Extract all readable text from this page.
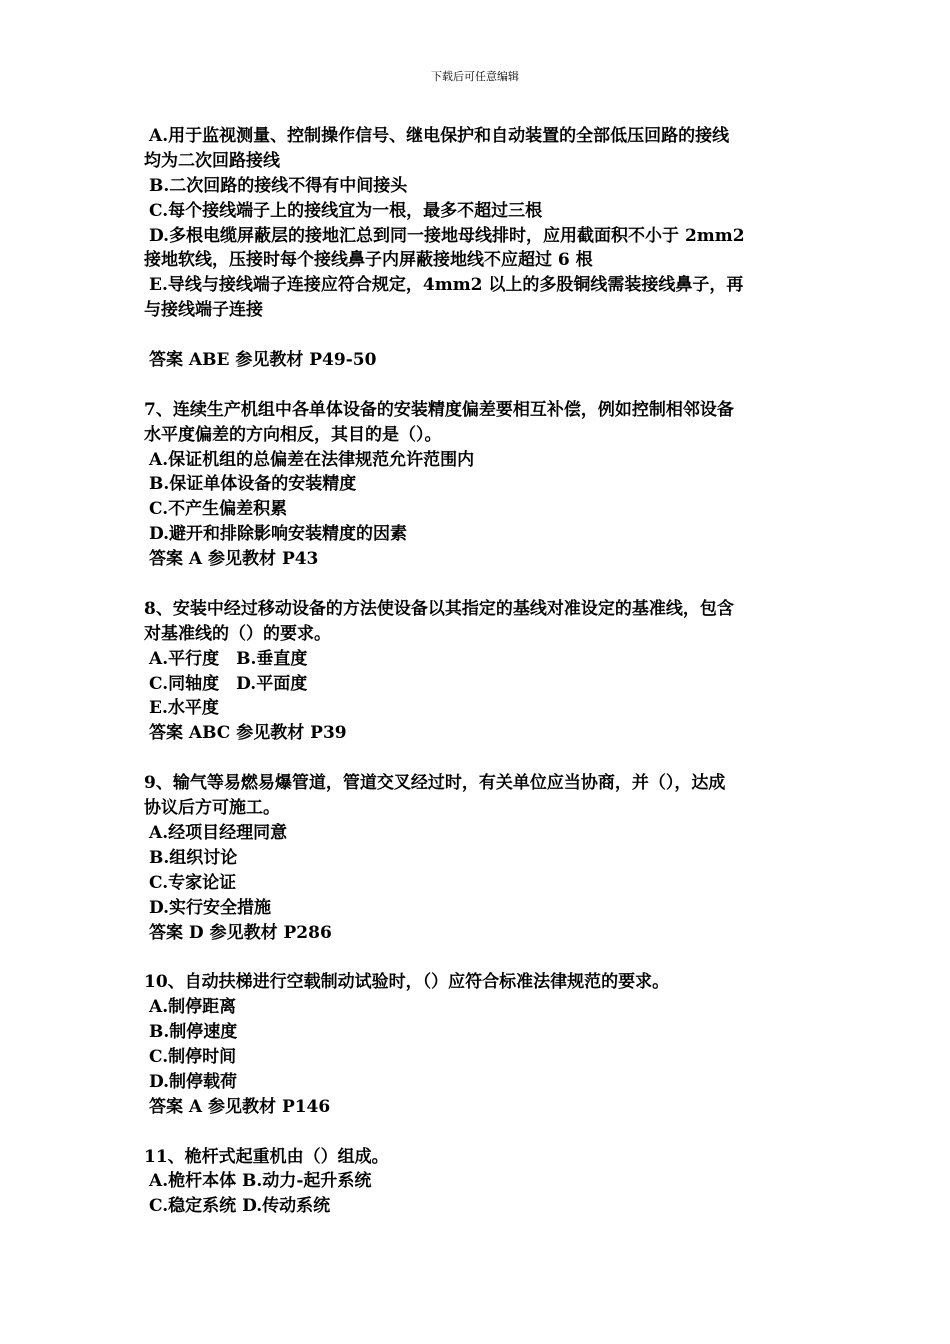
下载后可任意编辑
A.用于监视测量、控制操作信号、继电保护和自动装置的全部低压回路的接线
均为二次回路接线
B.二次回路的接线不得有中间接头
C.每个接线端子上的接线宜为一根，最多不超过三根
D.多根电缆屏蔽层的接地汇总到同一接地母线排时，应用截面积不小于 2mm2
接地软线，压接时每个接线鼻子内屏蔽接地线不应超过 6 根
E.导线与接线端子连接应符合规定，4mm2 以上的多股铜线需装接线鼻子，再
与接线端子连接
答案 ABE 参见教材 P49-50
7、连续生产机组中各单体设备的安装精度偏差要相互补偿，例如控制相邻设备
水平度偏差的方向相反，其目的是（）。
A.保证机组的总偏差在法律规范允许范围内
B.保证单体设备的安装精度
C.不产生偏差积累
D.避开和排除影响安装精度的因素
答案 A 参见教材 P43
8、安装中经过移动设备的方法使设备以其指定的基线对准设定的基准线，包含
对基准线的（）的要求。
A.平行度　B.垂直度
C.同轴度　D.平面度
E.水平度
答案 ABC 参见教材 P39
9、输气等易燃易爆管道，管道交叉经过时，有关单位应当协商，并（），达成
协议后方可施工。
A.经项目经理同意
B.组织讨论
C.专家论证
D.实行安全措施
答案 D 参见教材 P286
10、自动扶梯进行空载制动试验时，（）应符合标准法律规范的要求。
A.制停距离
B.制停速度
C.制停时间
D.制停载荷
答案 A 参见教材 P146
11、桅杆式起重机由（）组成。
A.桅杆本体 B.动力-起升系统
C.稳定系统 D.传动系统
